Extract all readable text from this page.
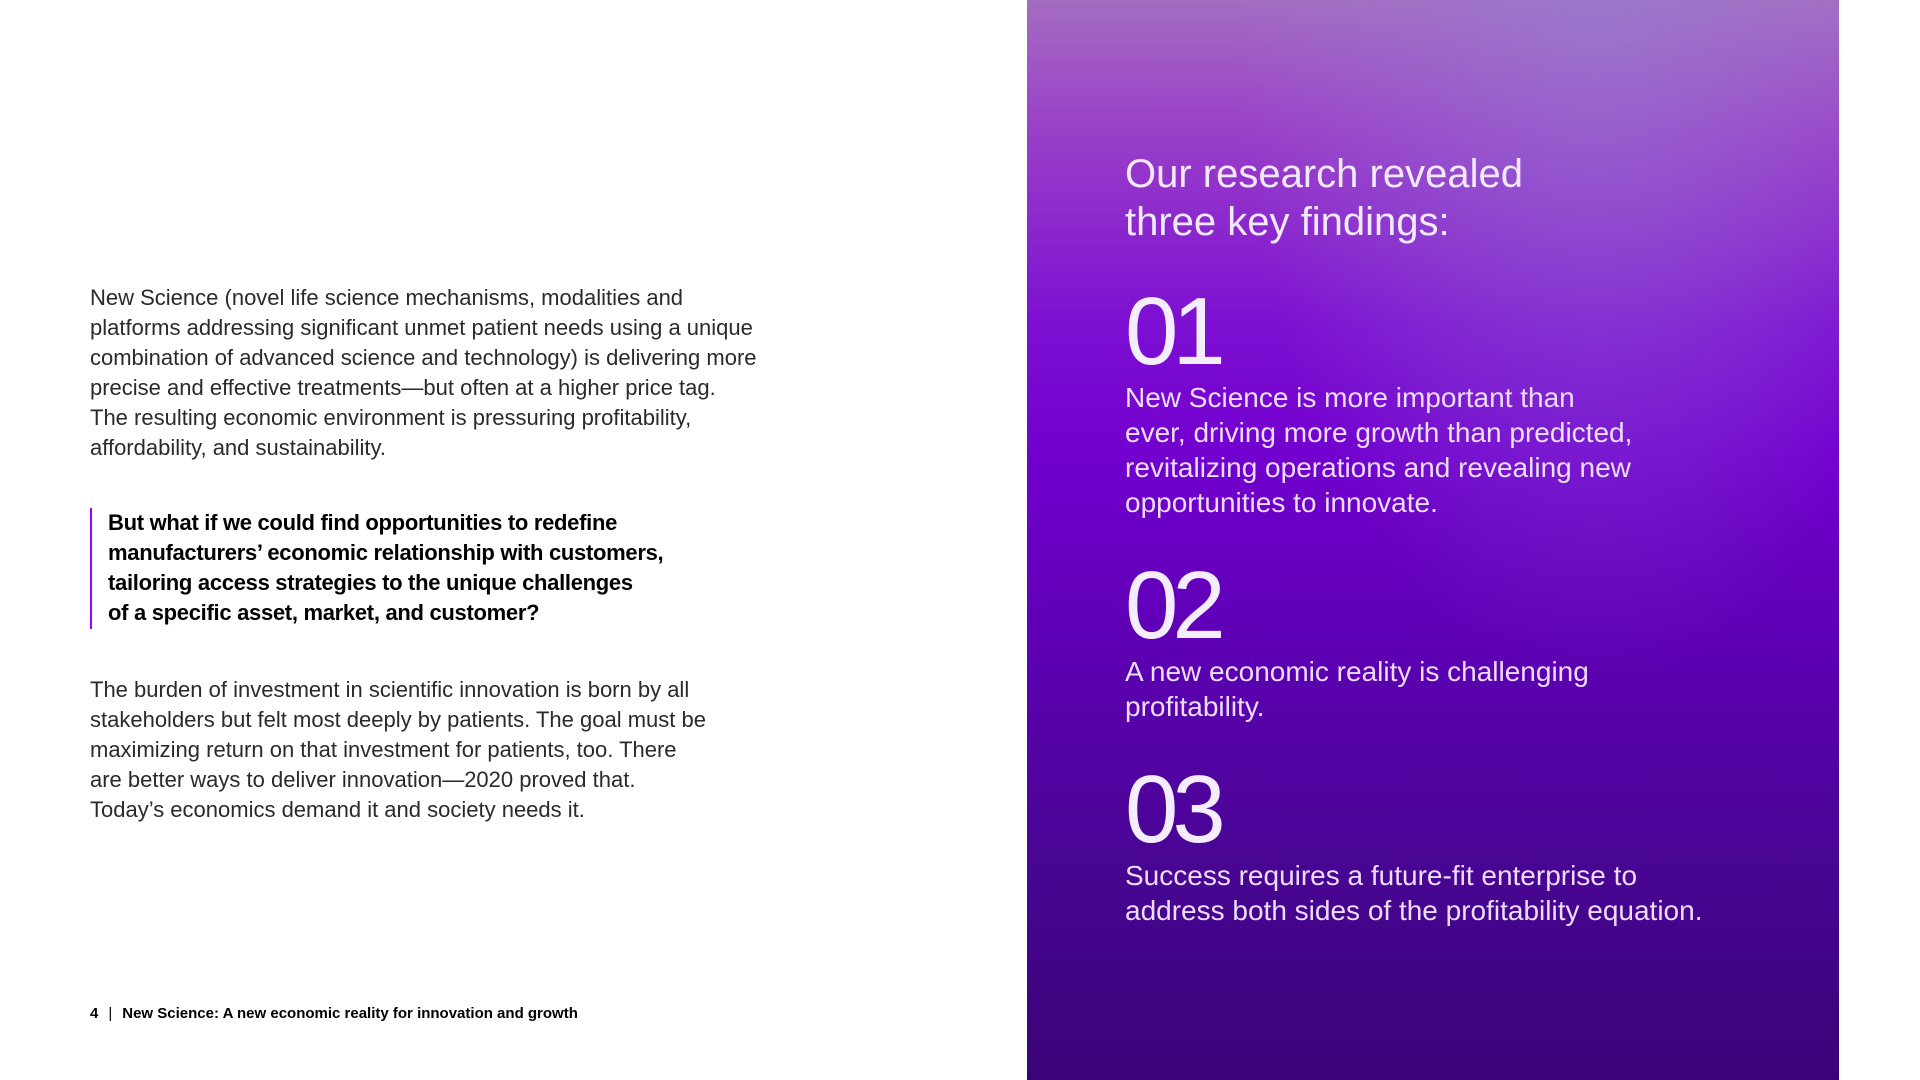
New Science (novel life science mechanisms, modalities and
platforms addressing significant unmet patient needs using a unique
combination of advanced science and technology) is delivering more
precise and effective treatments—but often at a higher price tag.
The resulting economic environment is pressuring profitability,
affordability, and sustainability.

But what if we could find opportunities to redefine
manufacturers’ economic relationship with customers,
tailoring access strategies to the unique challenges
of a specific asset, market, and customer?

The burden of investment in scientific innovation is born by all
stakeholders but felt most deeply by patients. The goal must be
maximizing return on that investment for patients, too. There
are better ways to deliver innovation—2020 proved that.
Today’s economics demand it and society needs it.

4 | New Science: A new economic reality for innovation and growth
Our research revealed
three key findings:
01

New Science is more important than
ever, driving more growth than predicted,
revitalizing operations and revealing new
opportunities to innovate.

02

A new economic reality is challenging
profitability.

03

Success requires a future-fit enterprise to
address both sides of the profitability equation.
